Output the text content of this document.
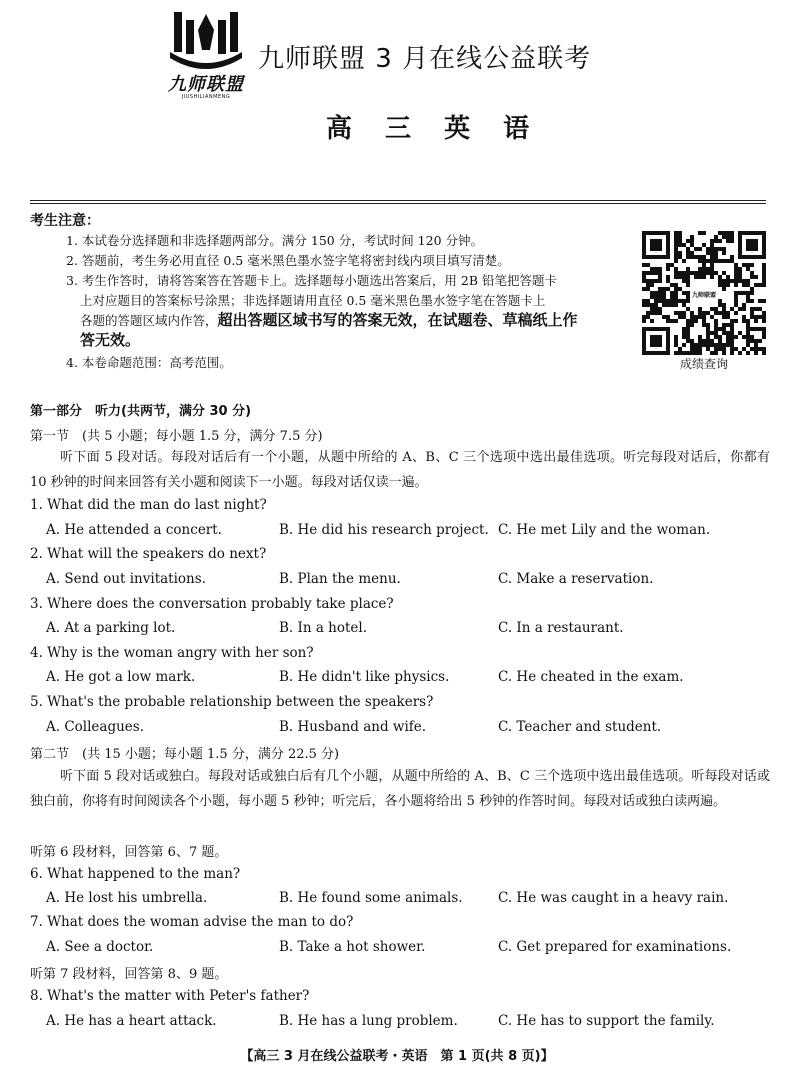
九师联盟
JIUSHILIANMENG
九师联盟 3 月在线公益联考
高 三 英 语
考生注意：
1. 本试卷分选择题和非选择题两部分。满分 150 分，考试时间 120 分钟。
2. 答题前，考生务必用直径 0.5 毫米黑色墨水签字笔将密封线内项目填写清楚。
3. 考生作答时，请将答案答在答题卡上。选择题每小题选出答案后，用 2B 铅笔把答题卡
上对应题目的答案标号涂黑；非选择题请用直径 0.5 毫米黑色墨水签字笔在答题卡上
各题的答题区域内作答，超出答题区域书写的答案无效，在试题卷、草稿纸上作
答无效。
4. 本卷命题范围：高考范围。
九师联盟
成绩查询
第一部分　听力(共两节，满分 30 分)
第一节　(共 5 小题；每小题 1.5 分，满分 7.5 分)
听下面 5 段对话。每段对话后有一个小题，从题中所给的 A、B、C 三个选项中选出最佳选项。听完每段对话后，你都有 10 秒钟的时间来回答有关小题和阅读下一小题。每段对话仅读一遍。
1. What did the man do last night?
A. He attended a concert.	B. He did his research project. C. He met Lily and the woman.
2. What will the speakers do next?
A. Send out invitations.	B. Plan the menu.	C. Make a reservation.
3. Where does the conversation probably take place?
A. At a parking lot.	B. In a hotel.	C. In a restaurant.
4. Why is the woman angry with her son?
A. He got a low mark.	B. He didn't like physics.	C. He cheated in the exam.
5. What's the probable relationship between the speakers?
A. Colleagues.	B. Husband and wife.	C. Teacher and student.
第二节　(共 15 小题；每小题 1.5 分，满分 22.5 分)
听下面 5 段对话或独白。每段对话或独白后有几个小题，从题中所给的 A、B、C 三个选项中选出最佳选项。听每段对话或独白前，你将有时间阅读各个小题，每小题 5 秒钟；听完后，各小题将给出 5 秒钟的作答时间。每段对话或独白读两遍。
听第 6 段材料，回答第 6、7 题。
6. What happened to the man?
A. He lost his umbrella.	B. He found some animals.	C. He was caught in a heavy rain.
7. What does the woman advise the man to do?
A. See a doctor.	B. Take a hot shower.	C. Get prepared for examinations.
听第 7 段材料，回答第 8、9 题。
8. What's the matter with Peter's father?
A. He has a heart attack.	B. He has a lung problem.	C. He has to support the family.
【高三 3 月在线公益联考・英语　第 1 页(共 8 页)】
